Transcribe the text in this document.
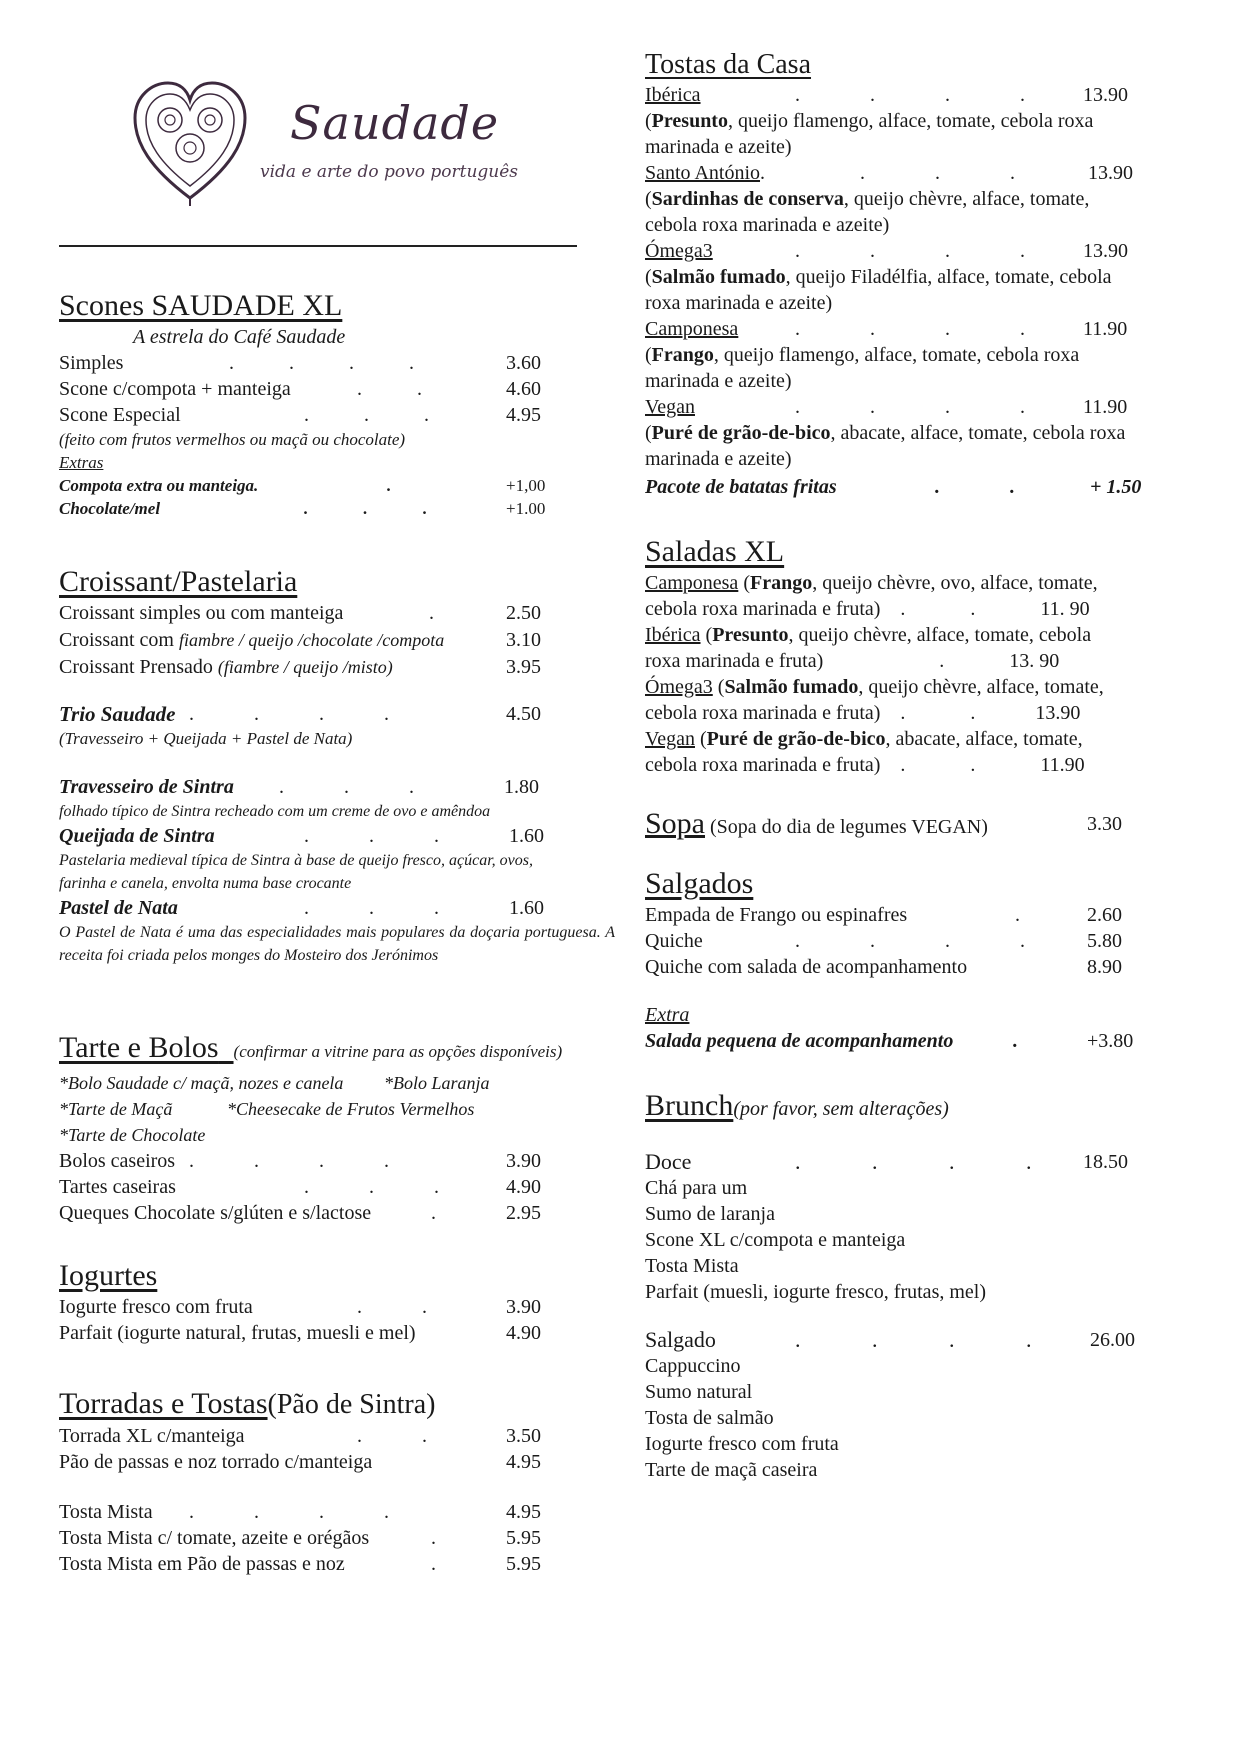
Saudade
vida e arte do povo português
Scones SAUDADE XL
A estrela do Café Saudade
Simples	.           .           .           .	3.60
Scone c/compota + manteiga	.           .	4.60
Scone Especial	.           .           .	4.95
(feito com frutos vermelhos ou maçã ou chocolate)
Extras
Compota extra ou manteiga.	.	+1,00
Chocolate/mel	.             .             .	+1.00
Croissant/Pastelaria
Croissant simples ou com manteiga	.	2.50
Croissant com fiambre / queijo /chocolate /compota	3.10
Croissant Prensado (fiambre / queijo /misto)	3.95
Trio Saudade .            .            .            .	4.50
(Travesseiro + Queijada + Pastel de Nata)
Travesseiro de Sintra .            .            .	1.80
folhado típico de Sintra recheado com um creme de ovo e amêndoa
Queijada de Sintra	.            .            .	1.60
Pastelaria medieval típica de Sintra à base de queijo fresco, açúcar, ovos, farinha e canela, envolta numa base crocante
Pastel de Nata	.            .            .	1.60
O Pastel de Nata é uma das especialidades mais populares da doçaria portuguesa. A receita foi criada pelos monges do Mosteiro dos Jerónimos
Tarte e Bolos (confirmar a vitrine para as opções disponíveis)
*Bolo Saudade c/ maçã, nozes e canela *Bolo Laranja
*Tarte de Maçã	*Cheesecake de Frutos Vermelhos
*Tarte de Chocolate
Bolos caseiros .            .            .            .	3.90
Tartes caseiras	.            .            .	4.90
Queques Chocolate s/glúten e s/lactose	.	2.95
Iogurtes
Iogurte fresco com fruta	.            .	3.90
Parfait (iogurte natural, frutas, muesli e mel)	4.90
Torradas e Tostas(Pão de Sintra)
Torrada XL c/manteiga	.            .	3.50
Pão de passas e noz torrado c/manteiga	4.95
Tosta Mista .            .            .            .	4.95
Tosta Mista c/ tomate, azeite e orégãos	.	5.95
Tosta Mista em Pão de passas e noz	.	5.95
Tostas da Casa
Ibérica	.              .              .              .	13.90
(Presunto, queijo flamengo, alface, tomate, cebola roxa
marinada e azeite)
Santo António.	.              .              .	13.90
(Sardinhas de conserva, queijo chèvre, alface, tomate,
cebola roxa marinada e azeite)
Ómega3	.              .              .              .	13.90
(Salmão fumado, queijo Filadélfia, alface, tomate, cebola
roxa marinada e azeite)
Camponesa	.              .              .              .	11.90
(Frango, queijo flamengo, alface, tomate, cebola roxa
marinada e azeite)
Vegan	.              .              .              .	11.90
(Puré de grão-de-bico, abacate, alface, tomate, cebola roxa
marinada e azeite)
Pacote de batatas fritas	.              .	+ 1.50
Saladas XL
Camponesa (Frango, queijo chèvre, ovo, alface, tomate,
cebola roxa marinada e fruta) .	.	11. 90
Ibérica (Presunto, queijo chèvre, alface, tomate, cebola
roxa marinada e fruta)	.	13. 90
Ómega3 (Salmão fumado, queijo chèvre, alface, tomate,
cebola roxa marinada e fruta) .	.	13.90
Vegan (Puré de grão-de-bico, abacate, alface, tomate,
cebola roxa marinada e fruta) .	.	11.90
Sopa (Sopa do dia de legumes VEGAN)	3.30
Salgados
Empada de Frango ou espinafres	.	2.60
Quiche	.              .              .              .	5.80
Quiche com salada de acompanhamento	8.90
Extra
Salada pequena de acompanhamento	.	+3.80
Brunch(por favor, sem alterações)
Doce	.             .             .             .	18.50
Chá para um
Sumo de laranja
Scone XL c/compota e manteiga
Tosta Mista
Parfait (muesli, iogurte fresco, frutas, mel)
Salgado	.             .             .             .	26.00
Cappuccino
Sumo natural
Tosta de salmão
Iogurte fresco com fruta
Tarte de maçã caseira
